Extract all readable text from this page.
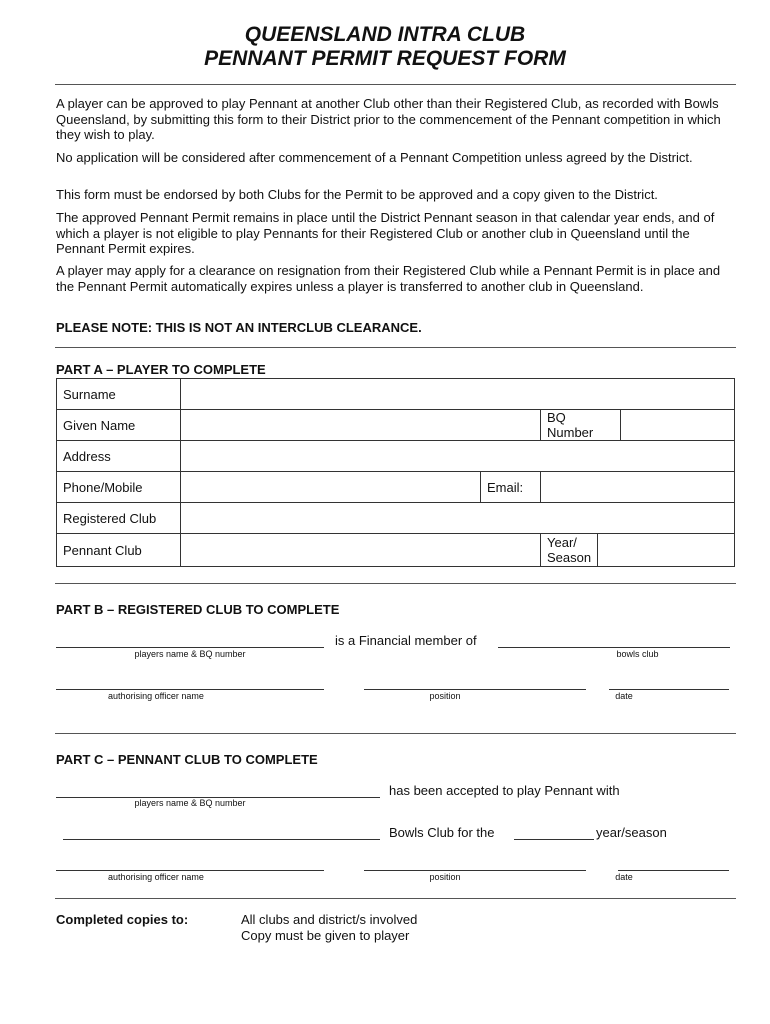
QUEENSLAND INTRA CLUB
PENNANT PERMIT REQUEST FORM

A player can be approved to play Pennant at another Club other than their Registered Club, as recorded with Bowls Queensland, by submitting this form to their District prior to the commencement of the Pennant competition in which they wish to play.

No application will be considered after commencement of a Pennant Competition unless agreed by the District.

This form must be endorsed by both Clubs for the Permit to be approved and a copy given to the District.

The approved Pennant Permit remains in place until the District Pennant season in that calendar year ends, and of which a player is not eligible to play Pennants for their Registered Club or another club in Queensland until the Pennant Permit expires.

A player may apply for a clearance on resignation from their Registered Club while a Pennant Permit is in place and the Pennant Permit automatically expires unless a player is transferred to another club in Queensland.

PLEASE NOTE: THIS IS NOT AN INTERCLUB CLEARANCE.

PART A – PLAYER TO COMPLETE
Surname					
Given Name			BQ Number		
Address					
Phone/Mobile		Email:			
Registered Club					
Pennant Club			Year/
Season		
PART B – REGISTERED CLUB TO COMPLETE
is a Financial member of
players name & BQ number	bowls club
authorising officer name	position	date
PART C – PENNANT CLUB TO COMPLETE
has been accepted to play Pennant with
players name & BQ number
Bowls Club for the	year/season
authorising officer name	position	date
Completed copies to:	All clubs and district/s involved
Copy must be given to player
